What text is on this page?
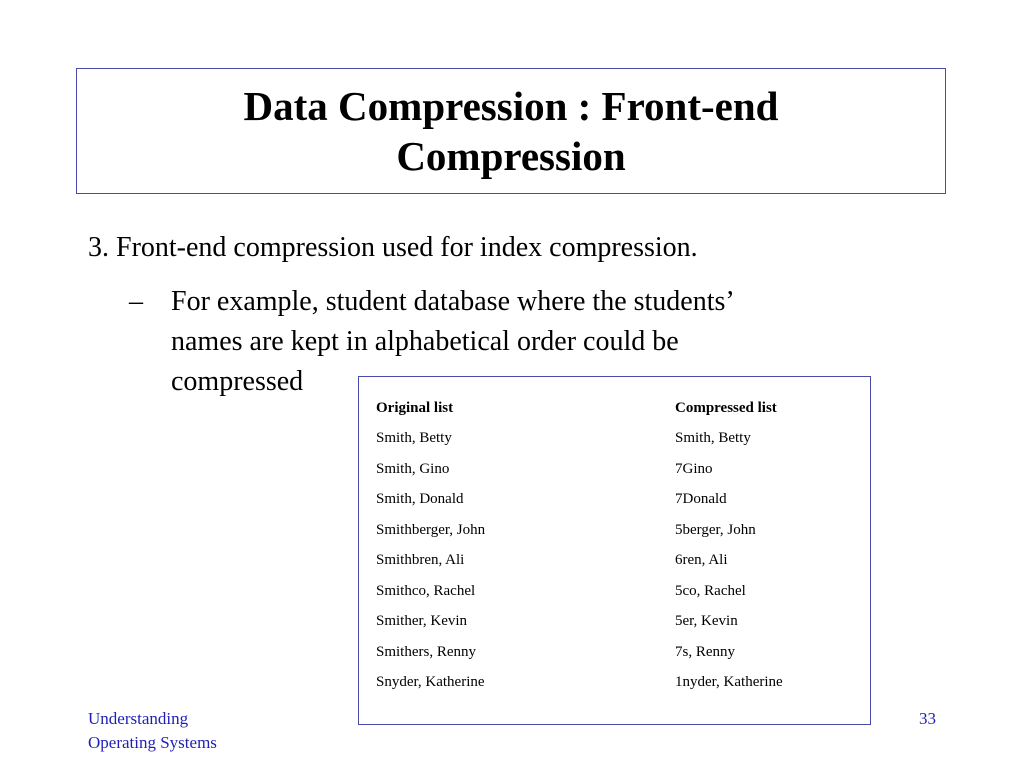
Data Compression : Front-end
Compression
3. Front-end compression used for index compression.
– For example, student database where the students’
names are kept in alphabetical order could be
compressed
Original list	Compressed list
Smith, Betty	Smith, Betty
Smith, Gino	7Gino
Smith, Donald	7Donald
Smithberger, John	5berger, John
Smithbren, Ali	6ren, Ali
Smithco, Rachel	5co, Rachel
Smither, Kevin	5er, Kevin
Smithers, Renny	7s, Renny
Snyder, Katherine	1nyder, Katherine
Understanding
Operating Systems
33
